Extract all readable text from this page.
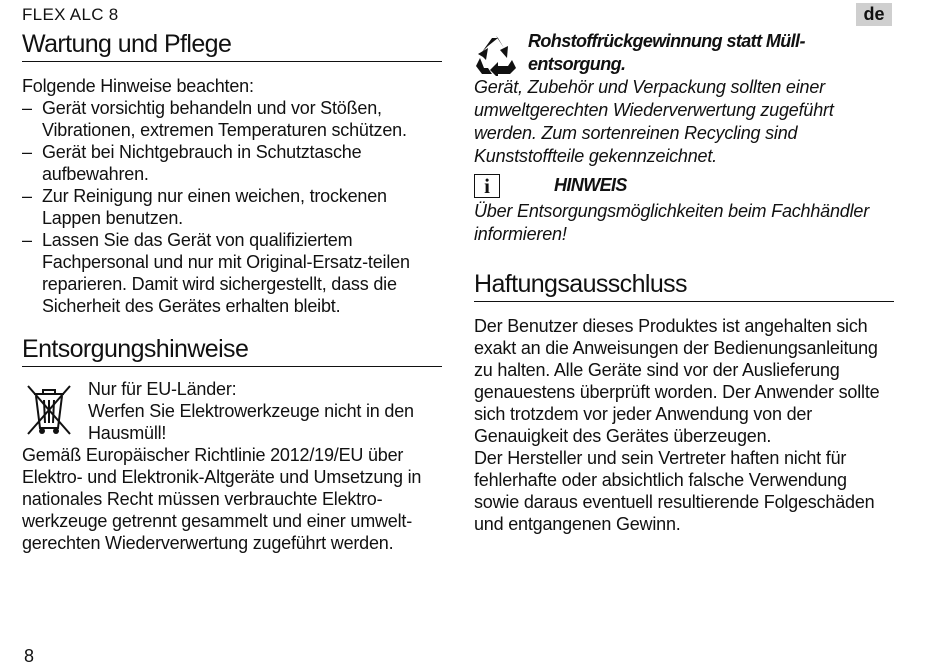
FLEX ALC 8	de
Wartung und Pflege
Folgende Hinweise beachten:
– Gerät vorsichtig behandeln und vor Stößen, Vibrationen, extremen Temperaturen schützen.
– Gerät bei Nichtgebrauch in Schutztasche aufbewahren.
– Zur Reinigung nur einen weichen, trockenen Lappen benutzen.
– Lassen Sie das Gerät von qualifiziertem Fachpersonal und nur mit Original-Ersatz-teilen reparieren. Damit wird sichergestellt, dass die Sicherheit des Gerätes erhalten bleibt.
Entsorgungshinweise
Nur für EU-Länder:
Werfen Sie Elektrowerkzeuge nicht in den Hausmüll!
Gemäß Europäischer Richtlinie 2012/19/EU über Elektro- und Elektronik-Altgeräte und Umsetzung in nationales Recht müssen verbrauchte Elektro-werkzeuge getrennt gesammelt und einer umwelt-gerechten Wiederverwertung zugeführt werden.
Rohstoffrückgewinnung statt Müll-entsorgung.
Gerät, Zubehör und Verpackung sollten einer umweltgerechten Wiederverwertung zugeführt werden. Zum sortenreinen Recycling sind Kunststoffteile gekennzeichnet.
i	HINWEIS
Über Entsorgungsmöglichkeiten beim Fachhändler informieren!
Haftungsausschluss
Der Benutzer dieses Produktes ist angehalten sich exakt an die Anweisungen der Bedienungsanleitung zu halten. Alle Geräte sind vor der Auslieferung genauestens überprüft worden. Der Anwender sollte sich trotzdem vor jeder Anwendung von der Genauigkeit des Gerätes überzeugen.
Der Hersteller und sein Vertreter haften nicht für fehlerhafte oder absichtlich falsche Verwendung sowie daraus eventuell resultierende Folgeschäden und entgangenen Gewinn.
8
